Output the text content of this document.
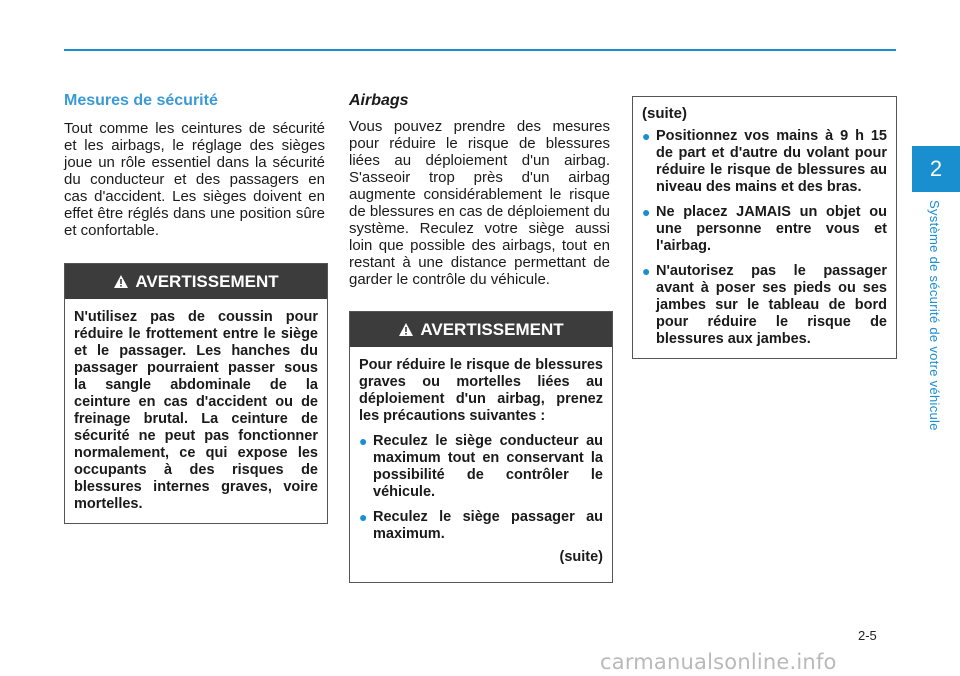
2
Système de sécurité de votre véhicule
Mesures de sécurité

Tout comme les ceintures de sécurité et les airbags, le réglage des sièges joue un rôle essentiel dans la sécurité du conducteur et des passagers en cas d'accident. Les sièges doivent en effet être réglés dans une position sûre et confortable.

AVERTISSEMENT
N'utilisez pas de coussin pour réduire le frottement entre le siège et le passager. Les hanches du passager pourraient passer sous la sangle abdominale de la ceinture en cas d'accident ou de freinage brutal. La ceinture de sécurité ne peut pas fonctionner normalement, ce qui expose les occupants à des risques de blessures internes graves, voire mortelles.
Airbags

Vous pouvez prendre des mesures pour réduire le risque de blessures liées au déploiement d'un airbag. S'asseoir trop près d'un airbag augmente considérablement le risque de blessures en cas de déploiement du système. Reculez votre siège aussi loin que possible des airbags, tout en restant à une distance permettant de garder le contrôle du véhicule.

AVERTISSEMENT

Pour réduire le risque de blessures graves ou mortelles liées au déploiement d'un airbag, prenez les précautions suivantes :

● Reculez le siège conducteur au maximum tout en conservant la possibilité de contrôler le véhicule.
● Reculez le siège passager au maximum.
(suite)
(suite)
● Positionnez vos mains à 9 h 15 de part et d'autre du volant pour réduire le risque de blessures au niveau des mains et des bras.
● Ne placez JAMAIS un objet ou une personne entre vous et l'airbag.
● N'autorisez pas le passager avant à poser ses pieds ou ses jambes sur le tableau de bord pour réduire le risque de blessures aux jambes.
2-5
carmanualsonline.info
